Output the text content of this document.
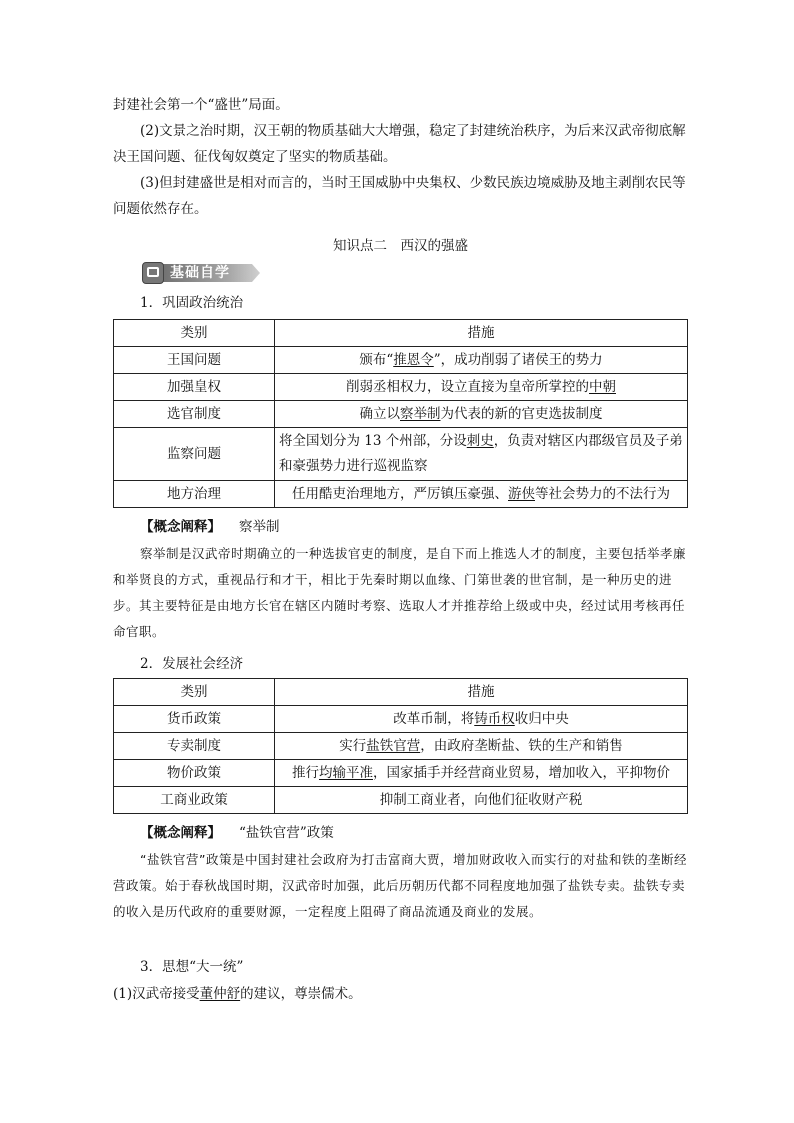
封建社会第一个“盛世”局面。

(2)文景之治时期，汉王朝的物质基础大大增强，稳定了封建统治秩序，为后来汉武帝彻底解决王国问题、征伐匈奴奠定了坚实的物质基础。

(3)但封建盛世是相对而言的，当时王国威胁中央集权、少数民族边境威胁及地主剥削农民等问题依然存在。

知识点二　西汉的强盛

基础自学

1．巩固政治统治

类别	措施
王国问题	颁布“推恩令”，成功削弱了诸侯王的势力
加强皇权	削弱丞相权力，设立直接为皇帝所掌控的中朝
选官制度	确立以察举制为代表的新的官吏选拔制度
监察问题	将全国划分为 13 个州部，分设刺史，负责对辖区内郡级官员及子弟和豪强势力进行巡视监察
地方治理	任用酷吏治理地方，严厉镇压豪强、游侠等社会势力的不法行为

【概念阐释】 察举制

察举制是汉武帝时期确立的一种选拔官吏的制度，是自下而上推选人才的制度，主要包括举孝廉和举贤良的方式，重视品行和才干，相比于先秦时期以血缘、门第世袭的世官制，是一种历史的进步。其主要特征是由地方长官在辖区内随时考察、选取人才并推荐给上级或中央，经过试用考核再任命官职。

2．发展社会经济

类别	措施
货币政策	改革币制，将铸币权收归中央
专卖制度	实行盐铁官营，由政府垄断盐、铁的生产和销售
物价政策	推行均输平准，国家插手并经营商业贸易，增加收入，平抑物价
工商业政策	抑制工商业者，向他们征收财产税

【概念阐释】 “盐铁官营”政策

“盐铁官营”政策是中国封建社会政府为打击富商大贾，增加财政收入而实行的对盐和铁的垄断经营政策。始于春秋战国时期，汉武帝时加强，此后历朝历代都不同程度地加强了盐铁专卖。盐铁专卖的收入是历代政府的重要财源，一定程度上阻碍了商品流通及商业的发展。

3．思想“大一统”

(1)汉武帝接受董仲舒的建议，尊崇儒术。
